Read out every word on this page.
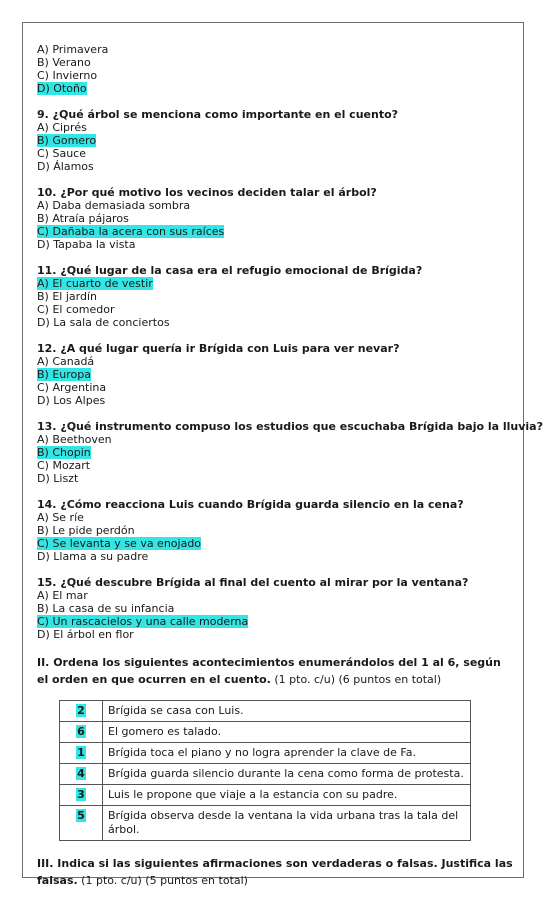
A) Primavera
B) Verano
C) Invierno
D) Otoño
9. ¿Qué árbol se menciona como importante en el cuento?
A) Ciprés
B) Gomero
C) Sauce
D) Álamos
10. ¿Por qué motivo los vecinos deciden talar el árbol?
A) Daba demasiada sombra
B) Atraía pájaros
C) Dañaba la acera con sus raíces
D) Tapaba la vista
11. ¿Qué lugar de la casa era el refugio emocional de Brígida?
A) El cuarto de vestir
B) El jardín
C) El comedor
D) La sala de conciertos
12. ¿A qué lugar quería ir Brígida con Luis para ver nevar?
A) Canadá
B) Europa
C) Argentina
D) Los Alpes
13. ¿Qué instrumento compuso los estudios que escuchaba Brígida bajo la lluvia?
A) Beethoven
B) Chopin
C) Mozart
D) Liszt
14. ¿Cómo reacciona Luis cuando Brígida guarda silencio en la cena?
A) Se ríe
B) Le pide perdón
C) Se levanta y se va enojado
D) Llama a su padre
15. ¿Qué descubre Brígida al final del cuento al mirar por la ventana?
A) El mar
B) La casa de su infancia
C) Un rascacielos y una calle moderna
D) El árbol en flor
II. Ordena los siguientes acontecimientos enumerándolos del 1 al 6, según el orden en que ocurren en el cuento. (1 pto. c/u) (6 puntos en total)
2	Brígida se casa con Luis.
6	El gomero es talado.
1	Brígida toca el piano y no logra aprender la clave de Fa.
4	Brígida guarda silencio durante la cena como forma de protesta.
3	Luis le propone que viaje a la estancia con su padre.
5	Brígida observa desde la ventana la vida urbana tras la tala del árbol.
III. Indica si las siguientes afirmaciones son verdaderas o falsas. Justifica las falsas. (1 pto. c/u) (5 puntos en total)
